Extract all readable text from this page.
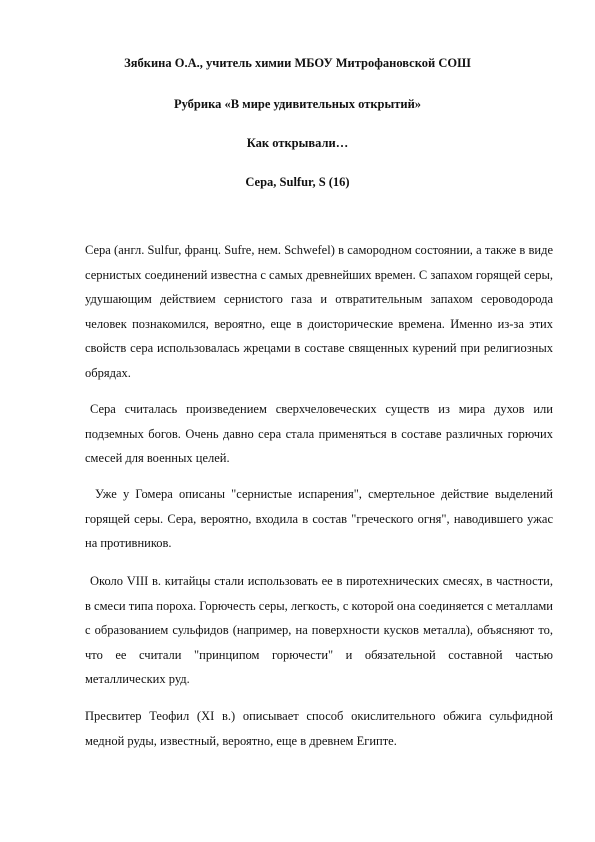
Зябкина О.А., учитель химии МБОУ Митрофановской СОШ

Рубрика «В мире удивительных открытий»

Как открывали…

Сера, Sulfur, S (16)

Сера (англ. Sulfur, франц. Sufre, нем. Schwefel) в самородном состоянии, а также в виде сернистых соединений известна с самых древнейших времен. С запахом горящей серы, удушающим действием сернистого газа и отвратительным запахом сероводорода человек познакомился, вероятно, еще в доисторические времена. Именно из-за этих свойств сера использовалась жрецами в составе священных курений при религиозных обрядах.

Сера считалась произведением сверхчеловеческих существ из мира духов или подземных богов. Очень давно сера стала применяться в составе различных горючих смесей для военных целей.

Уже у Гомера описаны "сернистые испарения", смертельное действие выделений горящей серы. Сера, вероятно, входила в состав "греческого огня", наводившего ужас на противников.

Около VIII в. китайцы стали использовать ее в пиротехнических смесях, в частности, в смеси типа пороха. Горючесть серы, легкость, с которой она соединяется с металлами с образованием сульфидов (например, на поверхности кусков металла), объясняют то, что ее считали "принципом горючести" и обязательной составной частью металлических руд.

Пресвитер Теофил (XI в.) описывает способ окислительного обжига сульфидной медной руды, известный, вероятно, еще в древнем Египте.
